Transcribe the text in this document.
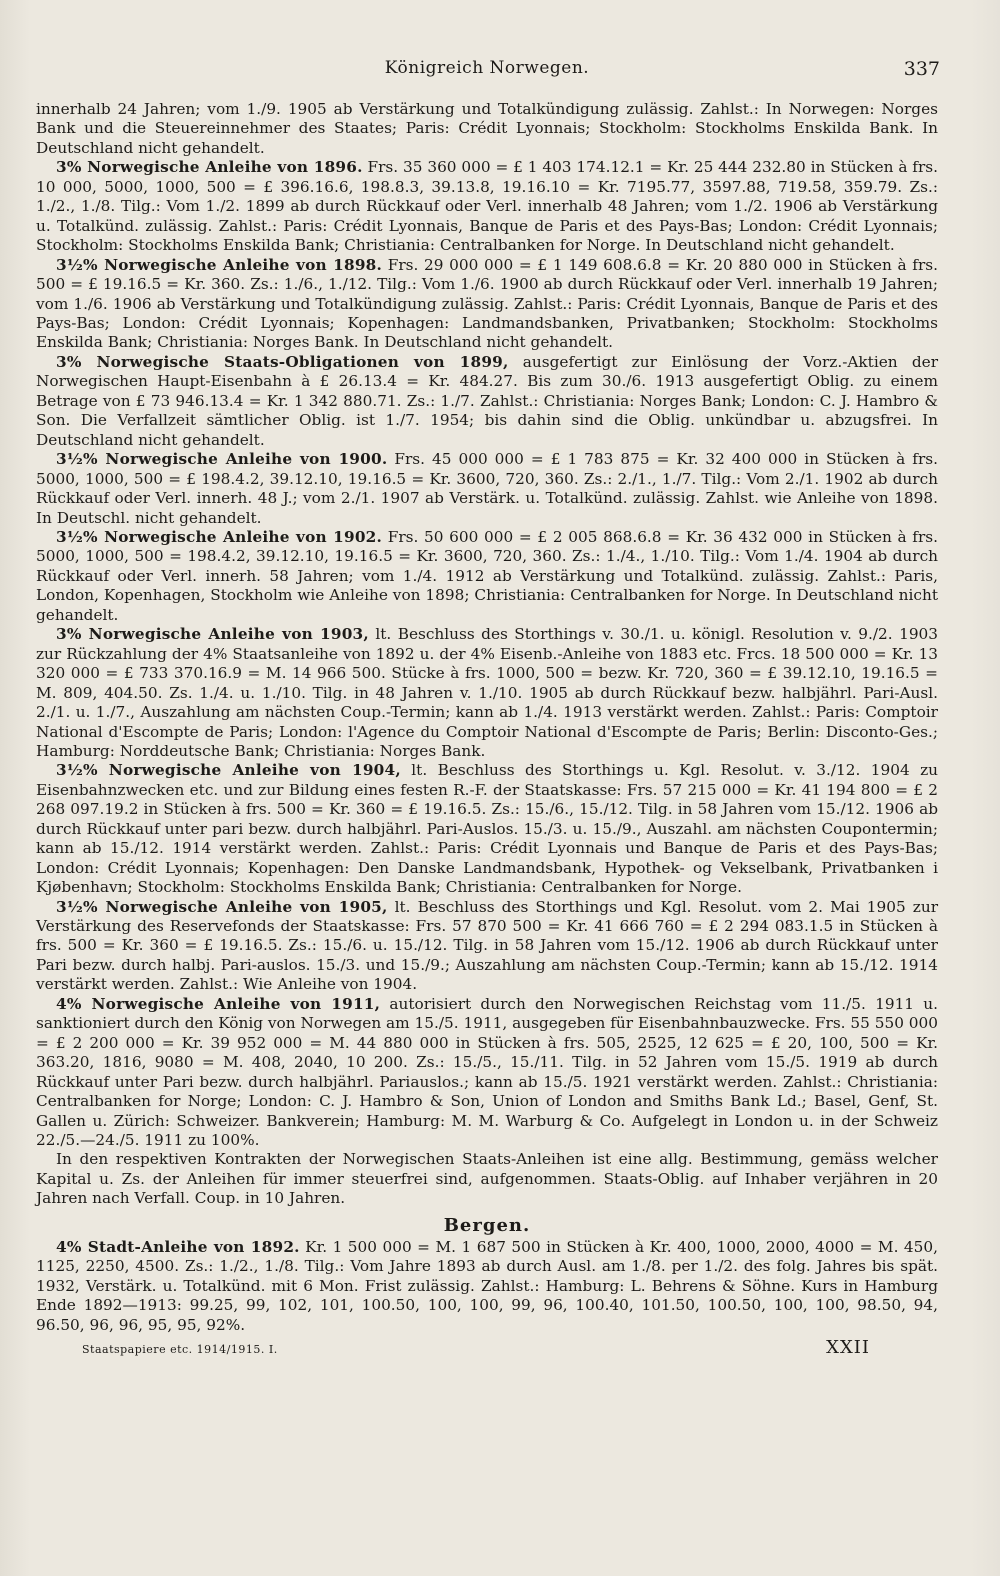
Königreich Norwegen.	337

innerhalb 24 Jahren; vom 1./9. 1905 ab Verstärkung und Totalkündigung zulässig. Zahlst.: In Norwegen: Norges Bank und die Steuereinnehmer des Staates; Paris: Crédit Lyonnais; Stockholm: Stockholms Enskilda Bank. In Deutschland nicht gehandelt.

3% Norwegische Anleihe von 1896. Frs. 35 360 000 = £ 1 403 174.12.1 = Kr. 25 444 232.80 in Stücken à frs. 10 000, 5000, 1000, 500 = £ 396.16.6, 198.8.3, 39.13.8, 19.16.10 = Kr. 7195.77, 3597.88, 719.58, 359.79. Zs.: 1./2., 1./8. Tilg.: Vom 1./2. 1899 ab durch Rückkauf oder Verl. innerhalb 48 Jahren; vom 1./2. 1906 ab Verstärkung u. Totalkünd. zulässig. Zahlst.: Paris: Crédit Lyonnais, Banque de Paris et des Pays-Bas; London: Crédit Lyonnais; Stockholm: Stockholms Enskilda Bank; Christiania: Centralbanken for Norge. In Deutschland nicht gehandelt.

3½% Norwegische Anleihe von 1898. Frs. 29 000 000 = £ 1 149 608.6.8 = Kr. 20 880 000 in Stücken à frs. 500 = £ 19.16.5 = Kr. 360. Zs.: 1./6., 1./12. Tilg.: Vom 1./6. 1900 ab durch Rückkauf oder Verl. innerhalb 19 Jahren; vom 1./6. 1906 ab Verstärkung und Totalkündigung zulässig. Zahlst.: Paris: Crédit Lyonnais, Banque de Paris et des Pays-Bas; London: Crédit Lyonnais; Kopenhagen: Landmandsbanken, Privatbanken; Stockholm: Stockholms Enskilda Bank; Christiania: Norges Bank. In Deutschland nicht gehandelt.

3% Norwegische Staats-Obligationen von 1899, ausgefertigt zur Einlösung der Vorz.-Aktien der Norwegischen Haupt-Eisenbahn à £ 26.13.4 = Kr. 484.27. Bis zum 30./6. 1913 ausgefertigt Oblig. zu einem Betrage von £ 73 946.13.4 = Kr. 1 342 880.71. Zs.: 1./7. Zahlst.: Christiania: Norges Bank; London: C. J. Hambro & Son. Die Verfallzeit sämtlicher Oblig. ist 1./7. 1954; bis dahin sind die Oblig. unkündbar u. abzugsfrei. In Deutschland nicht gehandelt.

3½% Norwegische Anleihe von 1900. Frs. 45 000 000 = £ 1 783 875 = Kr. 32 400 000 in Stücken à frs. 5000, 1000, 500 = £ 198.4.2, 39.12.10, 19.16.5 = Kr. 3600, 720, 360. Zs.: 2./1., 1./7. Tilg.: Vom 2./1. 1902 ab durch Rückkauf oder Verl. innerh. 48 J.; vom 2./1. 1907 ab Verstärk. u. Totalkünd. zulässig. Zahlst. wie Anleihe von 1898. In Deutschl. nicht gehandelt.

3½% Norwegische Anleihe von 1902. Frs. 50 600 000 = £ 2 005 868.6.8 = Kr. 36 432 000 in Stücken à frs. 5000, 1000, 500 = 198.4.2, 39.12.10, 19.16.5 = Kr. 3600, 720, 360. Zs.: 1./4., 1./10. Tilg.: Vom 1./4. 1904 ab durch Rückkauf oder Verl. innerh. 58 Jahren; vom 1./4. 1912 ab Verstärkung und Totalkünd. zulässig. Zahlst.: Paris, London, Kopenhagen, Stockholm wie Anleihe von 1898; Christiania: Centralbanken for Norge. In Deutschland nicht gehandelt.

3% Norwegische Anleihe von 1903, lt. Beschluss des Storthings v. 30./1. u. königl. Resolution v. 9./2. 1903 zur Rückzahlung der 4% Staatsanleihe von 1892 u. der 4% Eisenb.-Anleihe von 1883 etc. Frcs. 18 500 000 = Kr. 13 320 000 = £ 733 370.16.9 = M. 14 966 500. Stücke à frs. 1000, 500 = bezw. Kr. 720, 360 = £ 39.12.10, 19.16.5 = M. 809, 404.50. Zs. 1./4. u. 1./10. Tilg. in 48 Jahren v. 1./10. 1905 ab durch Rückkauf bezw. halbjährl. Pari-Ausl. 2./1. u. 1./7., Auszahlung am nächsten Coup.-Termin; kann ab 1./4. 1913 verstärkt werden. Zahlst.: Paris: Comptoir National d'Escompte de Paris; London: l'Agence du Comptoir National d'Escompte de Paris; Berlin: Disconto-Ges.; Hamburg: Norddeutsche Bank; Christiania: Norges Bank.

3½% Norwegische Anleihe von 1904, lt. Beschluss des Storthings u. Kgl. Resolut. v. 3./12. 1904 zu Eisenbahnzwecken etc. und zur Bildung eines festen R.-F. der Staatskasse: Frs. 57 215 000 = Kr. 41 194 800 = £ 2 268 097.19.2 in Stücken à frs. 500 = Kr. 360 = £ 19.16.5. Zs.: 15./6., 15./12. Tilg. in 58 Jahren vom 15./12. 1906 ab durch Rückkauf unter pari bezw. durch halbjährl. Pari-Auslos. 15./3. u. 15./9., Auszahl. am nächsten Coupontermin; kann ab 15./12. 1914 verstärkt werden. Zahlst.: Paris: Crédit Lyonnais und Banque de Paris et des Pays-Bas; London: Crédit Lyonnais; Kopenhagen: Den Danske Landmandsbank, Hypothek- og Vekselbank, Privatbanken i Kjøbenhavn; Stockholm: Stockholms Enskilda Bank; Christiania: Centralbanken for Norge.

3½% Norwegische Anleihe von 1905, lt. Beschluss des Storthings und Kgl. Resolut. vom 2. Mai 1905 zur Verstärkung des Reservefonds der Staatskasse: Frs. 57 870 500 = Kr. 41 666 760 = £ 2 294 083.1.5 in Stücken à frs. 500 = Kr. 360 = £ 19.16.5. Zs.: 15./6. u. 15./12. Tilg. in 58 Jahren vom 15./12. 1906 ab durch Rückkauf unter Pari bezw. durch halbj. Pari-auslos. 15./3. und 15./9.; Auszahlung am nächsten Coup.-Termin; kann ab 15./12. 1914 verstärkt werden. Zahlst.: Wie Anleihe von 1904.

4% Norwegische Anleihe von 1911, autorisiert durch den Norwegischen Reichstag vom 11./5. 1911 u. sanktioniert durch den König von Norwegen am 15./5. 1911, ausgegeben für Eisenbahnbauzwecke. Frs. 55 550 000 = £ 2 200 000 = Kr. 39 952 000 = M. 44 880 000 in Stücken à frs. 505, 2525, 12 625 = £ 20, 100, 500 = Kr. 363.20, 1816, 9080 = M. 408, 2040, 10 200. Zs.: 15./5., 15./11. Tilg. in 52 Jahren vom 15./5. 1919 ab durch Rückkauf unter Pari bezw. durch halbjährl. Pariauslos.; kann ab 15./5. 1921 verstärkt werden. Zahlst.: Christiania: Centralbanken for Norge; London: C. J. Hambro & Son, Union of London and Smiths Bank Ld.; Basel, Genf, St. Gallen u. Zürich: Schweizer. Bankverein; Hamburg: M. M. Warburg & Co. Aufgelegt in London u. in der Schweiz 22./5.—24./5. 1911 zu 100%.

In den respektiven Kontrakten der Norwegischen Staats-Anleihen ist eine allg. Bestimmung, gemäss welcher Kapital u. Zs. der Anleihen für immer steuerfrei sind, aufgenommen. Staats-Oblig. auf Inhaber verjähren in 20 Jahren nach Verfall. Coup. in 10 Jahren.

Bergen.

4% Stadt-Anleihe von 1892. Kr. 1 500 000 = M. 1 687 500 in Stücken à Kr. 400, 1000, 2000, 4000 = M. 450, 1125, 2250, 4500. Zs.: 1./2., 1./8. Tilg.: Vom Jahre 1893 ab durch Ausl. am 1./8. per 1./2. des folg. Jahres bis spät. 1932, Verstärk. u. Totalkünd. mit 6 Mon. Frist zulässig. Zahlst.: Hamburg: L. Behrens & Söhne. Kurs in Hamburg Ende 1892—1913: 99.25, 99, 102, 101, 100.50, 100, 100, 99, 96, 100.40, 101.50, 100.50, 100, 100, 98.50, 94, 96.50, 96, 96, 95, 95, 92%.

Staatspapiere etc. 1914/1915. I.	XXII
